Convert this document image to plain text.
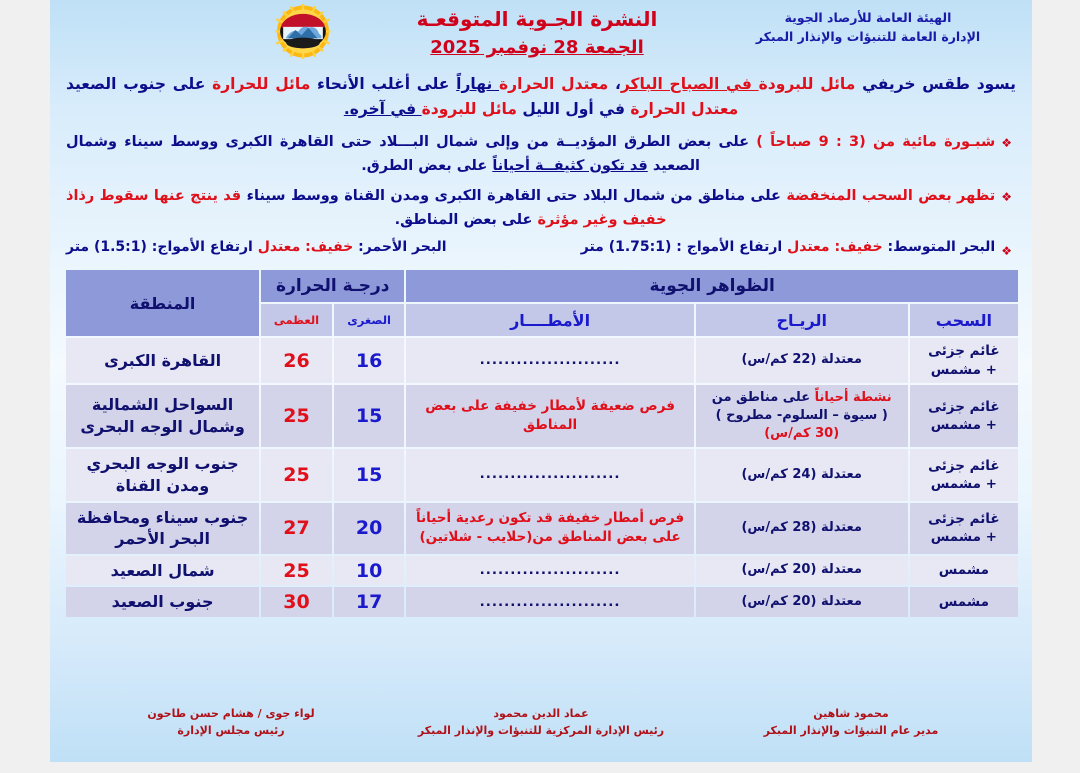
الهيئة العامة للأرصاد الجوية
الإدارة العامة للتنبؤات والإنذار المبكر
النشرة الجـوية المتوقعـة
الجمعة 28 نوفمبر 2025
يسود طقس خريفي مائل للبرودة في الصباح الباكر، معتدل الحرارة نهاراً على أغلب الأنحاء مائل للحرارة على جنوب الصعيد معتدل الحرارة في أول الليل مائل للبرودة في آخره.
❖
شبـورة مائية من (3 : 9 صباحاً ) على بعض الطرق المؤديــة من وإلى شمال البـــلاد حتى القاهرة الكبرى ووسط سيناء وشمال الصعيد قد تكون كثيفــة أحياناً على بعض الطرق.
❖
تظهر بعض السحب المنخفضة على مناطق من شمال البلاد حتى القاهرة الكبرى ومدن القناة ووسط سيناء قد ينتج عنها سقوط رذاذ خفيف وغير مؤثرة على بعض المناطق.
❖
البحر المتوسط: خفيف: معتدل ارتفاع الأمواج : (1.75:1) متر
البحر الأحمر: خفيف: معتدل ارتفاع الأمواج: (1.5:1) متر
الظواهر الجوية			درجـة الحرارة		المنطقة
السحب	الريـاح	الأمطــــار	الصغرى	العظمى	
غائم جزئى
+ مشمس	معتدلة (22 كم/س)	.......................	16	26	القاهرة الكبرى
غائم جزئى
+ مشمس	نشطة أحياناً على مناطق من
( سيوة – السلوم- مطروح )
(30 كم/س)	فرص ضعيفة لأمطار خفيفة على بعض المناطق	15	25	السواحل الشمالية وشمال الوجه البحرى
غائم جزئى
+ مشمس	معتدلة (24 كم/س)	.......................	15	25	جنوب الوجه البحري ومدن القناة
غائم جزئى
+ مشمس	معتدلة (28 كم/س)	فرص أمطار خفيفة قد تكون رعدية أحياناً على بعض المناطق من(حلايب - شلاتين)	20	27	جنوب سيناء ومحافظة البحر الأحمر
مشمس	معتدلة (20 كم/س)	.......................	10	25	شمال الصعيد
مشمس	معتدلة (20 كم/س)	.......................	17	30	جنوب الصعيد
محمود شاهين
مدير عام التنبؤات والإنذار المبكر
عماد الدين محمود
رئيس الإدارة المركزية للتنبؤات والإنذار المبكر
لواء جوى / هشام حسن طاحون
رئيس مجلس الإدارة
